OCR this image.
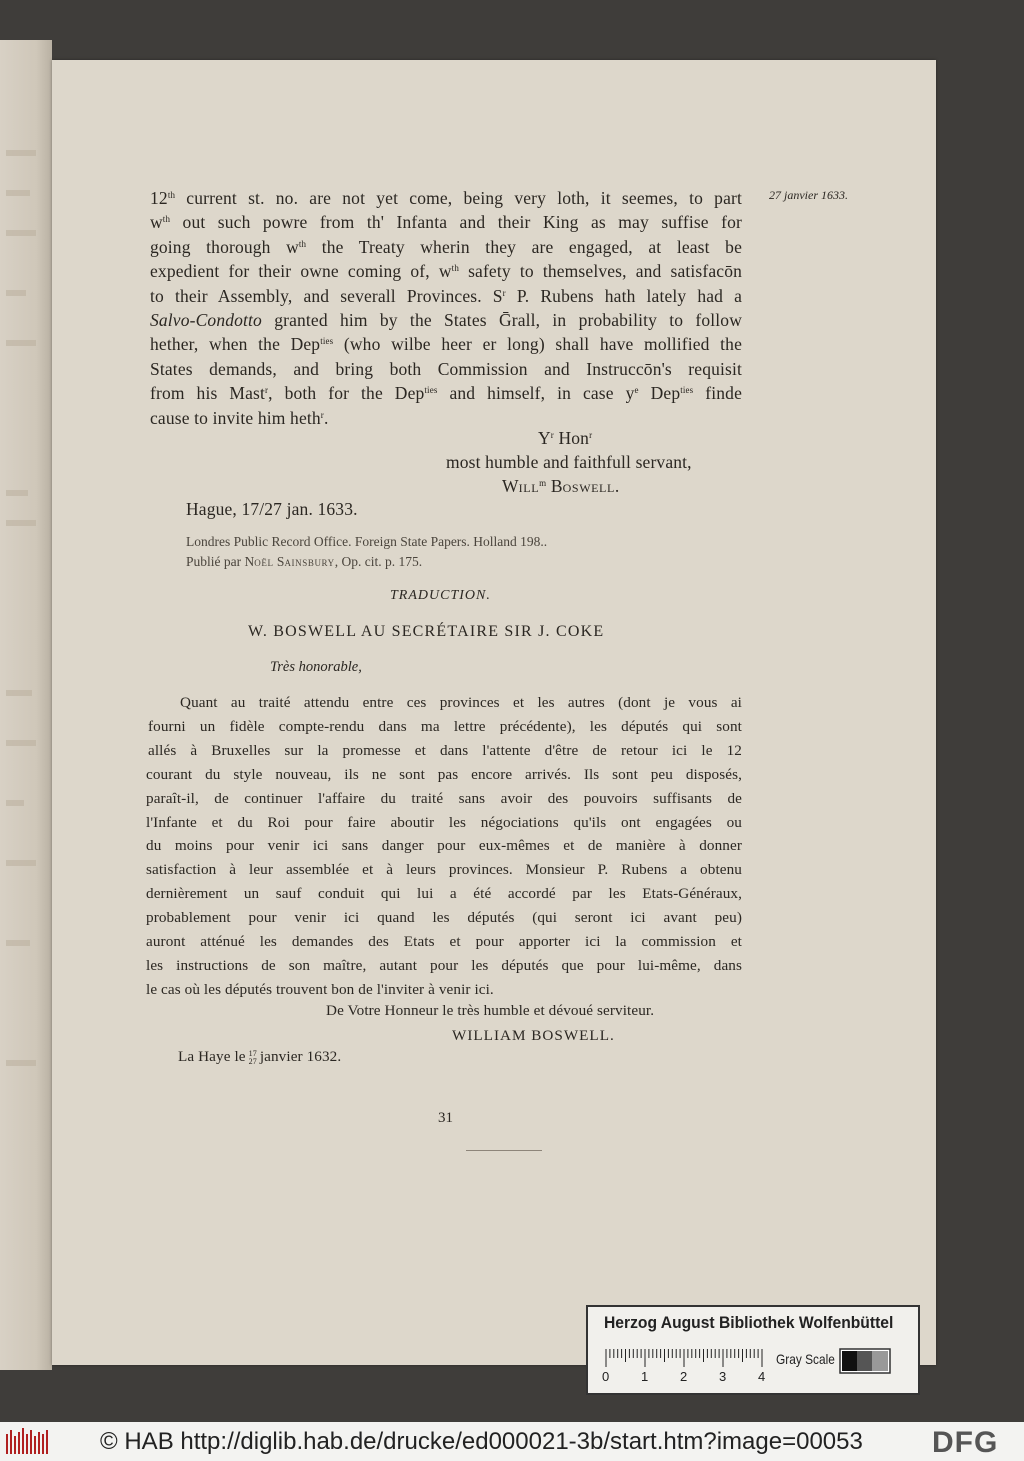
27 janvier 1633.
12th current st. no. are not yet come, being very loth, it seemes, to part
$w^{th}$ out such powre from th' Infanta and their King as may suffise for
going thorough $w^{th}$ the Treaty wherin they are engaged, at least be
expedient for their owne coming of, $w^{th}$ safety to themselves, and satisfacōn
to their Assembly, and severall Provinces. $S^r$ P. Rubens hath lately had a
Salvo-Condotto granted him by the States Ḡrall, in probability to follow
hether, when the Dep$^{ties}$ (who wilbe heer er long) shall have mollified the
States demands, and bring both Commission and Instruccōn's requisit
from his Mast$^r$, both for the Dep$^{ties}$ and himself, in case $y^e$ Dep$^{ties}$ finde
cause to invite him heth$^r$.
$Y^r$ Hon$^r$
most humble and faithfull servant,
Will$^m$ Boswell.
Hague, 17/27 jan. 1633.
Londres Public Record Office. Foreign State Papers. Holland 198..
Publié par Noël Sainsbury, Op. cit. p. 175.
TRADUCTION.
W. BOSWELL AU SECRÉTAIRE SIR J. COKE
Très honorable,
Quant au traité attendu entre ces provinces et les autres (dont je vous ai
fourni un fidèle compte-rendu dans ma lettre précédente), les députés qui sont
allés à Bruxelles sur la promesse et dans l'attente d'être de retour ici le 12
courant du style nouveau, ils ne sont pas encore arrivés. Ils sont peu disposés,
paraît-il, de continuer l'affaire du traité sans avoir des pouvoirs suffisants de
l'Infante et du Roi pour faire aboutir les négociations qu'ils ont engagées ou
du moins pour venir ici sans danger pour eux-mêmes et de manière à donner
satisfaction à leur assemblée et à leurs provinces. Monsieur P. Rubens a obtenu
dernièrement un sauf conduit qui lui a été accordé par les Etats-Généraux,
probablement pour venir ici quand les députés (qui seront ici avant peu)
auront atténué les demandes des Etats et pour apporter ici la commission et
les instructions de son maître, autant pour les députés que pour lui-même, dans
le cas où les députés trouvent bon de l'inviter à venir ici.
De Votre Honneur le très humble et dévoué serviteur.
WILLIAM BOSWELL.
La Haye le 17
27 janvier 1632.
31
Herzog August Bibliothek Wolfenbüttel
Gray Scale
0 1 2 3 4
© HAB http://diglib.hab.de/drucke/ed000021-3b/start.htm?image=00053 DFG
